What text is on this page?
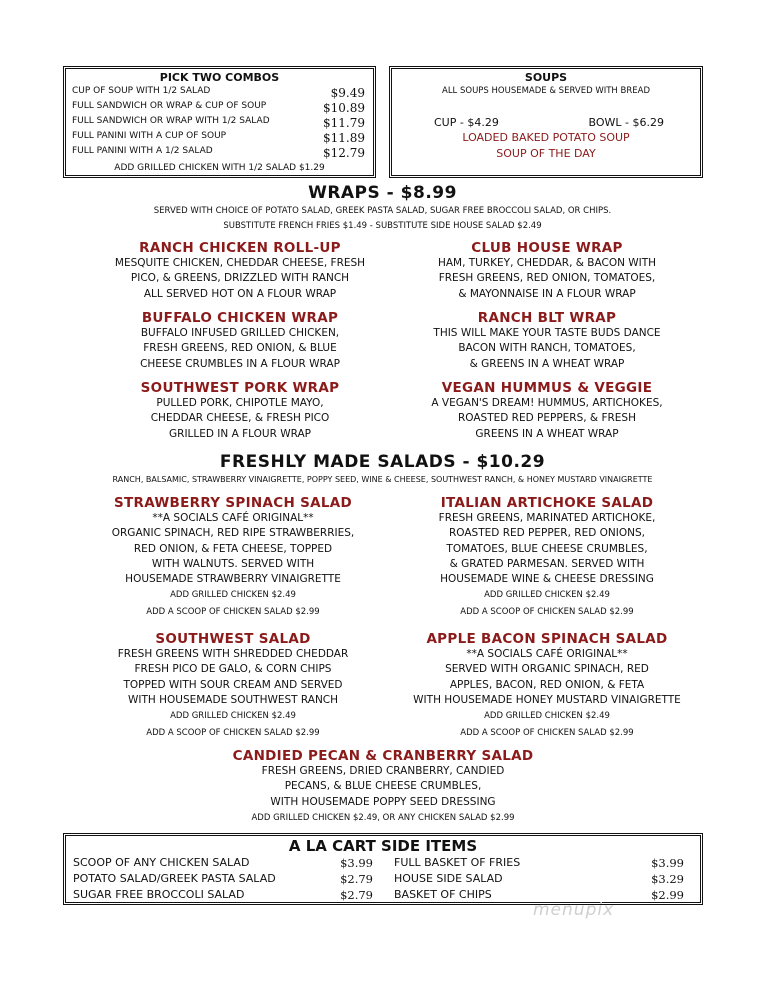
PICK TWO COMBOS
CUP OF SOUP WITH 1/2 SALAD	$9.49
FULL SANDWICH OR WRAP & CUP OF SOUP	$10.89
FULL SANDWICH OR WRAP WITH 1/2 SALAD	$11.79
FULL PANINI WITH A CUP OF SOUP	$11.89
FULL PANINI WITH A 1/2 SALAD	$12.79
ADD GRILLED CHICKEN WITH 1/2 SALAD $1.29
SOUPS
ALL SOUPS HOUSEMADE & SERVED WITH BREAD
CUP - $4.29	BOWL - $6.29
LOADED BAKED POTATO SOUP
SOUP OF THE DAY
WRAPS - $8.99
SERVED WITH CHOICE OF POTATO SALAD, GREEK PASTA SALAD, SUGAR FREE BROCCOLI SALAD, OR CHIPS.
SUBSTITUTE FRENCH FRIES $1.49 - SUBSTITUTE SIDE HOUSE SALAD $2.49
RANCH CHICKEN ROLL-UP
MESQUITE CHICKEN, CHEDDAR CHEESE, FRESH
PICO, & GREENS, DRIZZLED WITH RANCH
ALL SERVED HOT ON A FLOUR WRAP
CLUB HOUSE WRAP
HAM, TURKEY, CHEDDAR, & BACON WITH
FRESH GREENS, RED ONION, TOMATOES,
& MAYONNAISE IN A FLOUR WRAP
BUFFALO CHICKEN WRAP
BUFFALO INFUSED GRILLED CHICKEN,
FRESH GREENS, RED ONION, & BLUE
CHEESE CRUMBLES IN A FLOUR WRAP
RANCH BLT WRAP
THIS WILL MAKE YOUR TASTE BUDS DANCE
BACON WITH RANCH, TOMATOES,
& GREENS IN A WHEAT WRAP
SOUTHWEST PORK WRAP
PULLED PORK, CHIPOTLE MAYO,
CHEDDAR CHEESE, & FRESH PICO
GRILLED IN A FLOUR WRAP
VEGAN HUMMUS & VEGGIE
A VEGAN'S DREAM! HUMMUS, ARTICHOKES,
ROASTED RED PEPPERS, & FRESH
GREENS IN A WHEAT WRAP
FRESHLY MADE SALADS - $10.29
RANCH, BALSAMIC, STRAWBERRY VINAIGRETTE, POPPY SEED, WINE & CHEESE, SOUTHWEST RANCH, & HONEY MUSTARD VINAIGRETTE
STRAWBERRY SPINACH SALAD
**A SOCIALS CAFÉ ORIGINAL**
ORGANIC SPINACH, RED RIPE STRAWBERRIES,
RED ONION, & FETA CHEESE, TOPPED
WITH WALNUTS. SERVED WITH
HOUSEMADE STRAWBERRY VINAIGRETTE
ADD GRILLED CHICKEN $2.49
ADD A SCOOP OF CHICKEN SALAD $2.99
ITALIAN ARTICHOKE SALAD
FRESH GREENS, MARINATED ARTICHOKE,
ROASTED RED PEPPER, RED ONIONS,
TOMATOES, BLUE CHEESE CRUMBLES,
& GRATED PARMESAN. SERVED WITH
HOUSEMADE WINE & CHEESE DRESSING
ADD GRILLED CHICKEN $2.49
ADD A SCOOP OF CHICKEN SALAD $2.99
SOUTHWEST SALAD
FRESH GREENS WITH SHREDDED CHEDDAR
FRESH PICO DE GALO, & CORN CHIPS
TOPPED WITH SOUR CREAM AND SERVED
WITH HOUSEMADE SOUTHWEST RANCH
ADD GRILLED CHICKEN $2.49
ADD A SCOOP OF CHICKEN SALAD $2.99
APPLE BACON SPINACH SALAD
**A SOCIALS CAFÉ ORIGINAL**
SERVED WITH ORGANIC SPINACH, RED
APPLES, BACON, RED ONION, & FETA
WITH HOUSEMADE HONEY MUSTARD VINAIGRETTE
ADD GRILLED CHICKEN $2.49
ADD A SCOOP OF CHICKEN SALAD $2.99
CANDIED PECAN & CRANBERRY SALAD
FRESH GREENS, DRIED CRANBERRY, CANDIED
PECANS, & BLUE CHEESE CRUMBLES,
WITH HOUSEMADE POPPY SEED DRESSING
ADD GRILLED CHICKEN $2.49, OR ANY CHICKEN SALAD $2.99
A LA CART SIDE ITEMS
SCOOP OF ANY CHICKEN SALAD	$3.99
POTATO SALAD/GREEK PASTA SALAD	$2.79
SUGAR FREE BROCCOLI SALAD	$2.79
FULL BASKET OF FRIES	$3.99
HOUSE SIDE SALAD	$3.29
BASKET OF CHIPS	$2.99
menupix
